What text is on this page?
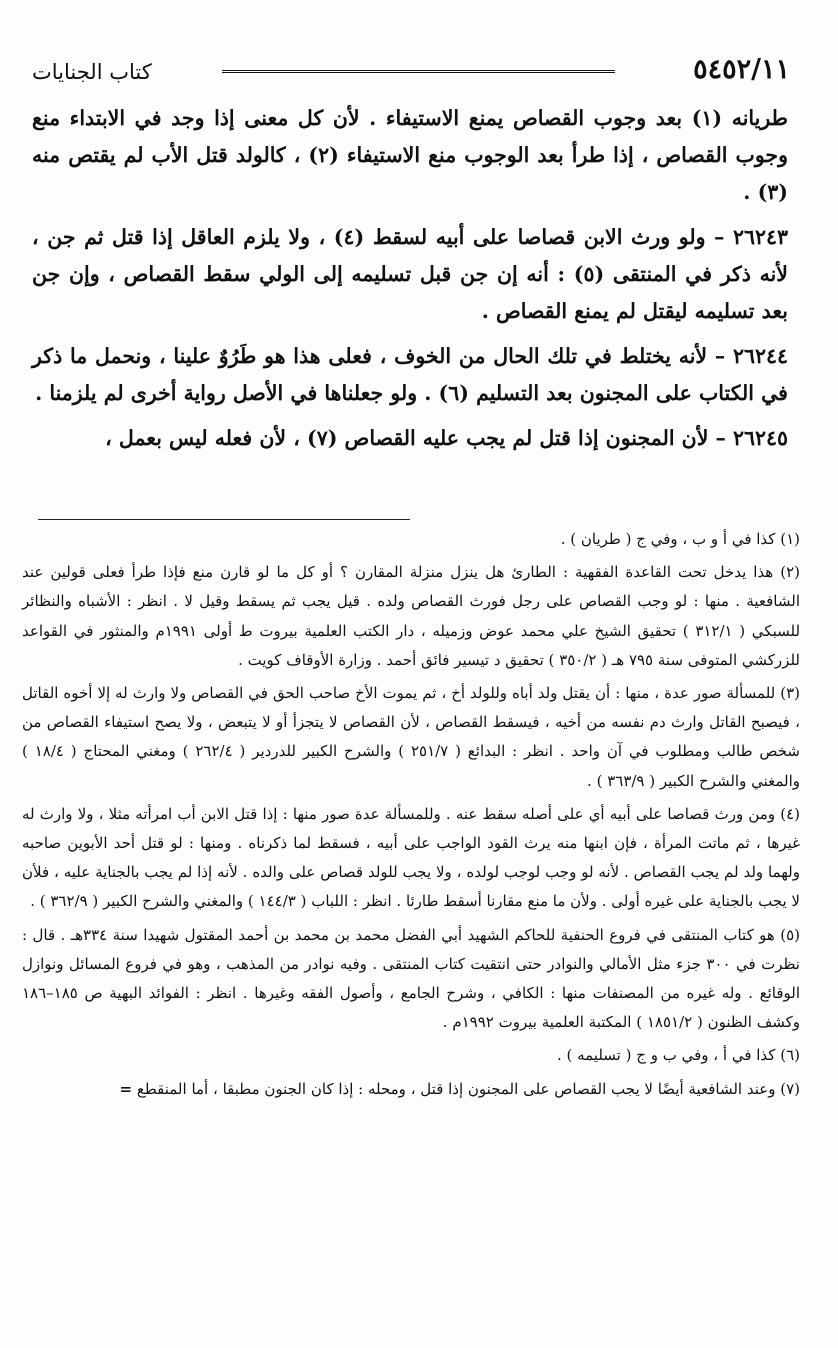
٥٤٥٢/١١
كتاب الجنايات

طريانه (١) بعد وجوب القصاص يمنع الاستيفاء . لأن كل معنى إذا وجد في الابتداء منع وجوب القصاص ، إذا طرأ بعد الوجوب منع الاستيفاء (٢) ، كالولد قتل الأب لم يقتص منه (٣) .

٢٦٢٤٣ – ولو ورث الابن قصاصا على أبيه لسقط (٤) ، ولا يلزم العاقل إذا قتل ثم جن ، لأنه ذكر في المنتقى (٥) : أنه إن جن قبل تسليمه إلى الولي سقط القصاص ، وإن جن بعد تسليمه ليقتل لم يمنع القصاص .

٢٦٢٤٤ – لأنه يختلط في تلك الحال من الخوف ، فعلى هذا هو طَرُوٌ علينا ، ونحمل ما ذكر في الكتاب على المجنون بعد التسليم (٦) . ولو جعلناها في الأصل رواية أخرى لم يلزمنا .

٢٦٢٤٥ – لأن المجنون إذا قتل لم يجب عليه القصاص (٧) ، لأن فعله ليس بعمل ،

(١) كذا في أ و ب ، وفي ج ( طريان ) .

(٢) هذا يدخل تحت القاعدة الفقهية : الطارئ هل ينزل منزلة المقارن ؟ أو كل ما لو قارن منع فإذا طرأ فعلى قولين عند الشافعية . منها : لو وجب القصاص على رجل فورث القصاص ولده . قيل يجب ثم يسقط وقيل لا . انظر : الأشباه والنظائر للسبكي ( ٣١٢/١ ) تحقيق الشيخ علي محمد عوض وزميله ، دار الكتب العلمية بيروت ط أولى ١٩٩١م والمنثور في القواعد للزركشي المتوفى سنة ٧٩٥ هـ ( ٣٥٠/٢ ) تحقيق د تيسير فائق أحمد . وزارة الأوقاف كويت .

(٣) للمسألة صور عدة ، منها : أن يقتل ولد أباه وللولد أخ ، ثم يموت الأخ صاحب الحق في القصاص ولا وارث له إلا أخوه القاتل ، فيصبح القاتل وارث دم نفسه من أخيه ، فيسقط القصاص ، لأن القصاص لا يتجزأ أو لا يتبعض ، ولا يصح استيفاء القصاص من شخص طالب ومطلوب في آن واحد . انظر : البدائع ( ٢٥١/٧ ) والشرح الكبير للدردير ( ٢٦٢/٤ ) ومغني المحتاج ( ١٨/٤ ) والمغني والشرح الكبير ( ٣٦٣/٩ ) .

(٤) ومن ورث قصاصا على أبيه أي على أصله سقط عنه . وللمسألة عدة صور منها : إذا قتل الابن أب امرأته مثلا ، ولا وارث له غيرها ، ثم ماتت المرأة ، فإن ابنها منه يرث القود الواجب على أبيه ، فسقط لما ذكرناه . ومنها : لو قتل أحد الأبوين صاحبه ولهما ولد لم يجب القصاص . لأنه لو وجب لوجب لولده ، ولا يجب للولد قصاص على والده . لأنه إذا لم يجب بالجناية عليه ، فلأن لا يجب بالجناية على غيره أولى . ولأن ما منع مقارنا أسقط طارئا . انظر : اللباب ( ١٤٤/٣ ) والمغني والشرح الكبير ( ٣٦٢/٩ ) .

(٥) هو كتاب المنتقى في فروع الحنفية للحاكم الشهيد أبي الفضل محمد بن محمد بن أحمد المقتول شهيدا سنة ٣٣٤هـ . قال : نظرت في ٣٠٠ جزء مثل الأمالي والنوادر حتى انتقيت كتاب المنتقى . وفيه نوادر من المذهب ، وهو في فروع المسائل ونوازل الوقائع . وله غيره من المصنفات منها : الكافي ، وشرح الجامع ، وأصول الفقه وغيرها . انظر : الفوائد البهية ص ١٨٥–١٨٦ وكشف الظنون ( ١٨٥١/٢ ) المكتبة العلمية بيروت ١٩٩٢م .

(٦) كذا في أ ، وفي ب و ج ( تسليمه ) .

(٧) وعند الشافعية أيضًا لا يجب القصاص على المجنون إذا قتل ، ومحله : إذا كان الجنون مطبقا ، أما المنقطع =
